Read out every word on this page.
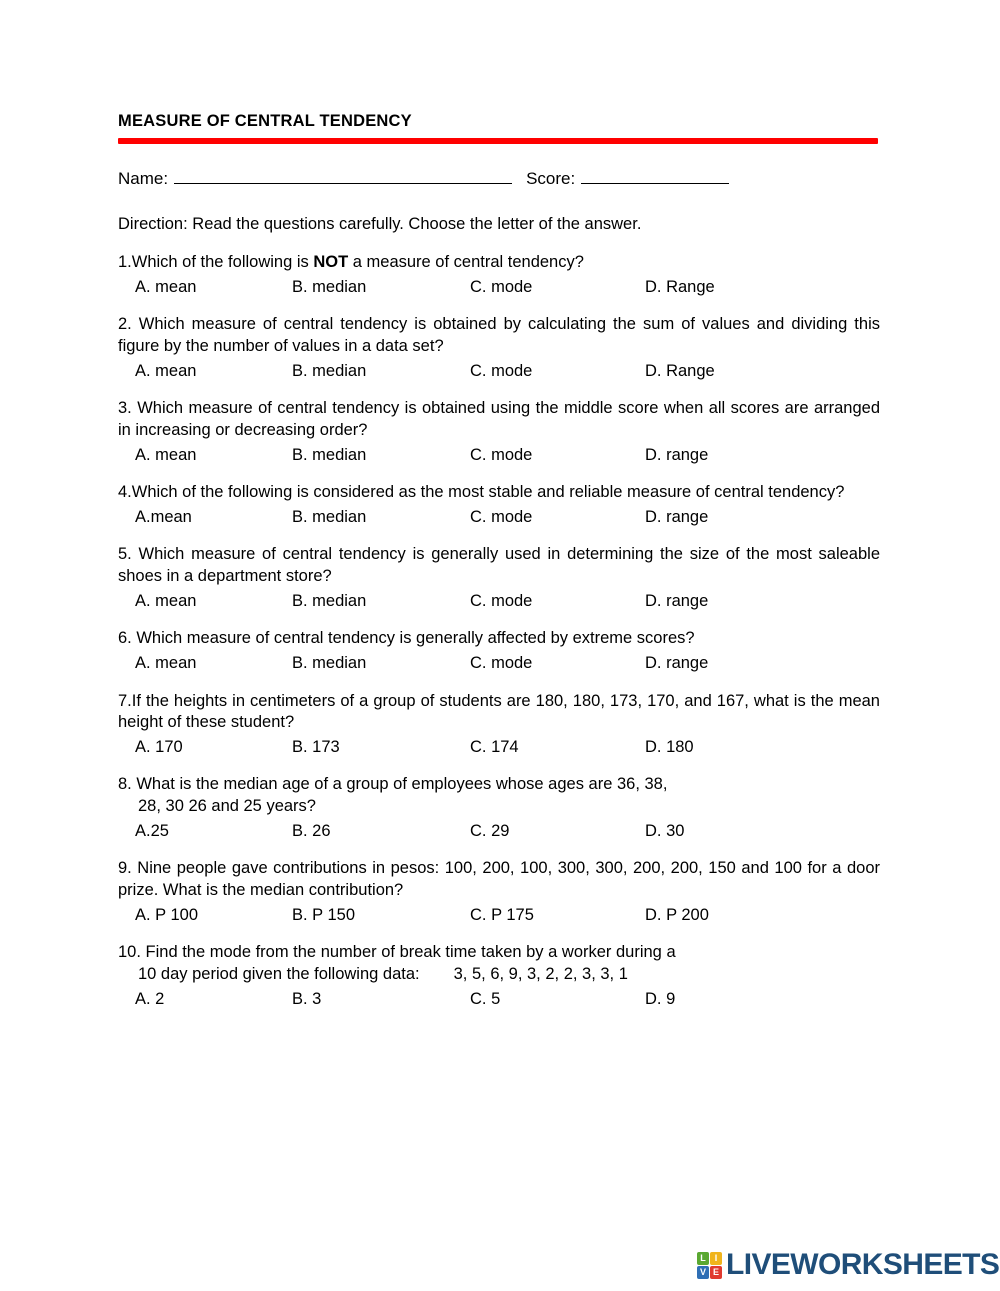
MEASURE OF CENTRAL TENDENCY
Name:	Score:

Direction: Read the questions carefully. Choose the letter of the answer.

1.Which of the following is NOT a measure of central tendency?

A. mean	B. median	C. mode	D. Range

2. Which measure of central tendency is obtained by calculating the sum of values and dividing this figure by the number of values in a data set?

A. mean	B. median	C. mode	D. Range

3. Which measure of central tendency is obtained using the middle score when all scores are arranged in increasing or decreasing order?

A. mean	B. median	C. mode	D. range

4.Which of the following is considered as the most stable and reliable measure of central tendency?

A.mean	B. median	C. mode	D. range

5. Which measure of central tendency is generally used in determining the size of the most saleable shoes in a department store?

A. mean	B. median	C. mode	D. range

6. Which measure of central tendency is generally affected by extreme scores?

A. mean	B. median	C. mode	D. range

7.If the heights in centimeters of a group of students are 180, 180, 173, 170, and 167, what is the mean height of these student?

A. 170	B. 173	C. 174	D. 180

8. What is the median age of a group of employees whose ages are 36, 38,
28, 30 26 and 25 years?

A.25	B. 26	C. 29	D. 30

9. Nine people gave contributions in pesos: 100, 200, 100, 300, 300, 200, 200, 150 and 100 for a door prize. What is the median contribution?

A. P 100	B. P 150	C. P 175	D. P 200

10. Find the mode from the number of break time taken by a worker during a
10 day period given the following data: 3, 5, 6, 9, 3, 2, 2, 3, 3, 1

A. 2	B. 3	C. 5	D. 9
L I
V E LIVEWORKSHEETS
